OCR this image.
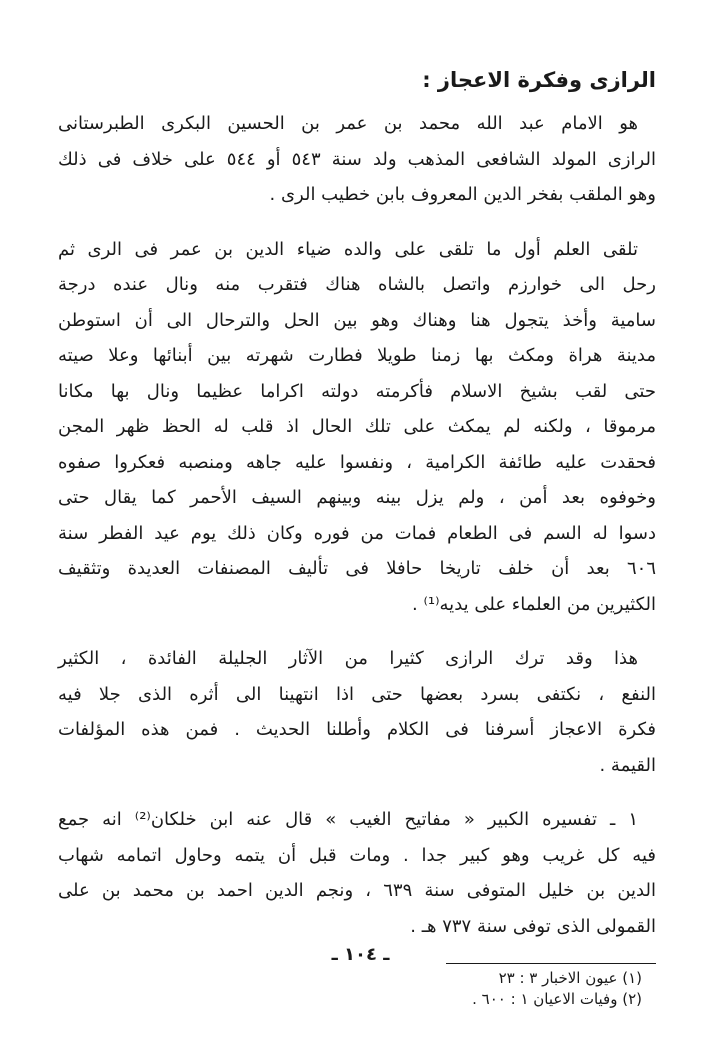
الرازى وفكرة الاعجاز :
هو الامام عبد الله محمد بن عمر بن الحسين البكرى الطبرستانى
الرازى المولد الشافعى المذهب ولد سنة ٥٤٣ أو ٥٤٤ على خلاف فى ذلك
وهو الملقب بفخر الدين المعروف بابن خطيب الرى .
تلقى العلم أول ما تلقى على والده ضياء الدين بن عمر فى الرى ثم
رحل الى خوارزم واتصل بالشاه هناك فتقرب منه ونال عنده درجة
سامية وأخذ يتجول هنا وهناك وهو بين الحل والترحال الى أن استوطن
مدينة هراة ومكث بها زمنا طويلا فطارت شهرته بين أبنائها وعلا صيته
حتى لقب بشيخ الاسلام فأكرمته دولته اكراما عظيما ونال بها مكانا
مرموقا ، ولكنه لم يمكث على تلك الحال اذ قلب له الحظ ظهر المجن
فحقدت عليه طائفة الكرامية ، ونفسوا عليه جاهه ومنصبه فعكروا صفوه
وخوفوه بعد أمن ، ولم يزل بينه وبينهم السيف الأحمر كما يقال حتى
دسوا له السم فى الطعام فمات من فوره وكان ذلك يوم عيد الفطر سنة
٦٠٦ بعد أن خلف تاريخا حافلا فى تأليف المصنفات العديدة وتثقيف
الكثيرين من العلماء على يديه⁽¹⁾ .
هذا وقد ترك الرازى كثيرا من الآثار الجليلة الفائدة ، الكثير
النفع ، نكتفى بسرد بعضها حتى اذا انتهينا الى أثره الذى جلا فيه
فكرة الاعجاز أسرفنا فى الكلام وأطلنا الحديث . فمن هذه المؤلفات
القيمة .
١ ـ تفسيره الكبير « مفاتيح الغيب » قال عنه ابن خلكان⁽²⁾ انه جمع
فيه كل غريب وهو كبير جدا . ومات قبل أن يتمه وحاول اتمامه شهاب
الدين بن خليل المتوفى سنة ٦٣٩ ، ونجم الدين احمد بن محمد بن على
القمولى الذى توفى سنة ٧٣٧ هـ .
(١) عيون الاخبار ٣ : ٢٣
(٢) وفيات الاعيان ١ : ٦٠٠ .
ـ ١٠٤ ـ
